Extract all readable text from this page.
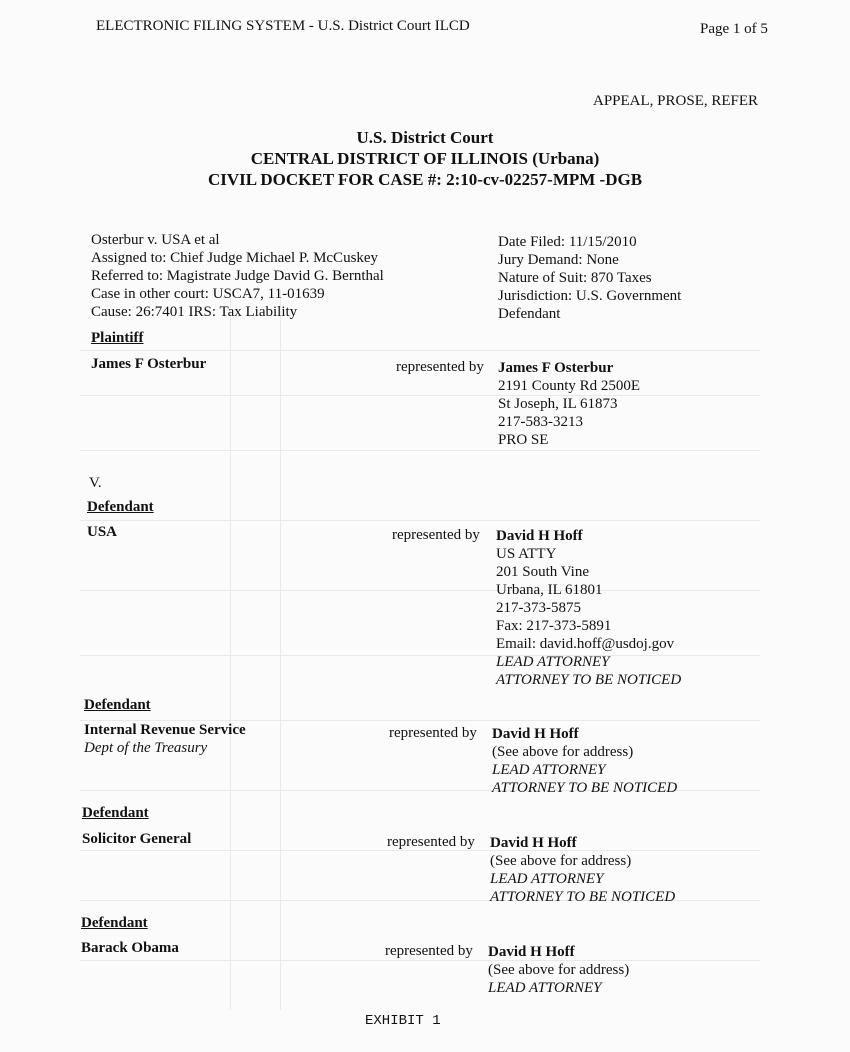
ELECTRONIC FILING SYSTEM - U.S. District Court ILCD	Page 1 of 5
APPEAL, PROSE, REFER
U.S. District Court
CENTRAL DISTRICT OF ILLINOIS (Urbana)
CIVIL DOCKET FOR CASE #: 2:10-cv-02257-MPM -DGB
Osterbur v. USA et al
Assigned to: Chief Judge Michael P. McCuskey
Referred to: Magistrate Judge David G. Bernthal
Case in other court: USCA7, 11-01639
Cause: 26:7401 IRS: Tax Liability
Date Filed: 11/15/2010
Jury Demand: None
Nature of Suit: 870 Taxes
Jurisdiction: U.S. Government
Defendant
Plaintiff
James F Osterbur	represented by James F Osterbur
2191 County Rd 2500E
St Joseph, IL 61873
217-583-3213
PRO SE
V.
Defendant
USA	represented by David H Hoff
US ATTY
201 South Vine
Urbana, IL 61801
217-373-5875
Fax: 217-373-5891
Email: david.hoff@usdoj.gov
LEAD ATTORNEY
ATTORNEY TO BE NOTICED
Defendant
Internal Revenue Service
Dept of the Treasury
represented by David H Hoff
(See above for address)
LEAD ATTORNEY
ATTORNEY TO BE NOTICED
Defendant
Solicitor General	represented by David H Hoff
(See above for address)
LEAD ATTORNEY
ATTORNEY TO BE NOTICED
Defendant
Barack Obama	represented by David H Hoff
(See above for address)
LEAD ATTORNEY
EXHIBIT 1
